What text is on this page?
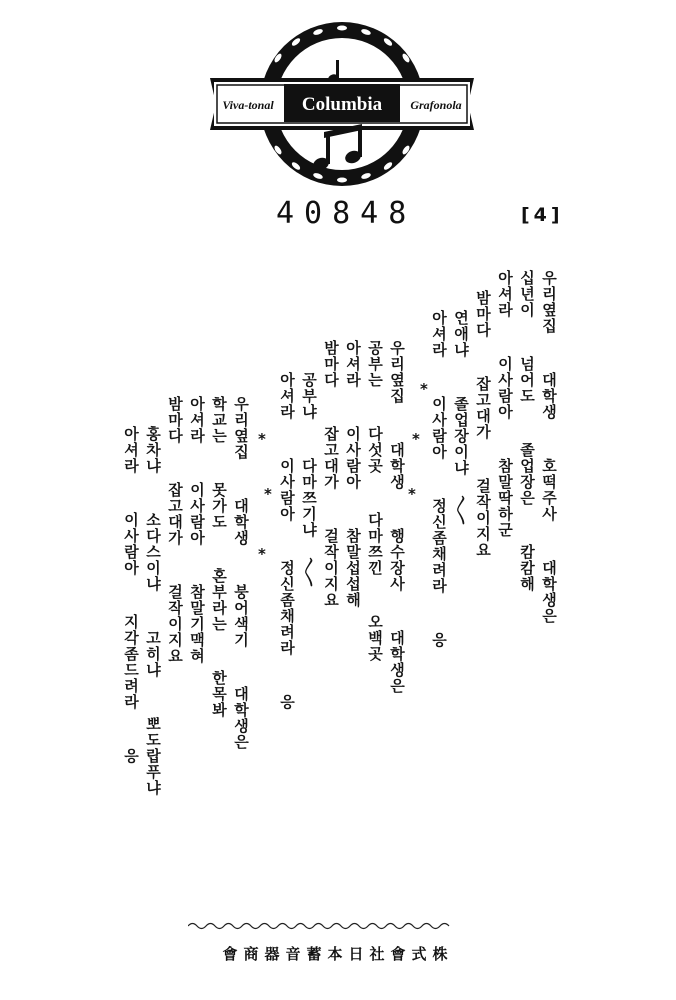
Columbia
Viva-tonal	Grafonola
40848	[4]
우리옆집  대학생  호떡주사  대학생은
십년이  넘어도  졸업장은  캄캄해
아셔라  이사람아  참말딱하군
밤마다  잡고대가  걸작이지요
연애냐  졸업장이냐 〱
아셔라  이사람아  정신좀채려라  응
*
*
*
우리옆집  대학생  행수장사  대학생은
공부는  다섯곳  다마쯔낀  오백곳
아셔라  이사람아  참말섭섭해
밤마다  잡고대가  걸작이지요
공부냐  다마쯔기냐 〱
아셔라  이사람아  정신좀채려라  응
*
*
*
우리옆집  대학생  붕어색기  대학생은
학교는  못가도  혼부라는  한목봐
아셔라  이사람아  참말기맥혀
밤마다  잡고대가  걸작이지요
홍차냐  소다스이냐  고히냐  뽀도랍푸냐
아셔라  이사람아  지각좀드려라  응
會商器音蓄本日社會式株
